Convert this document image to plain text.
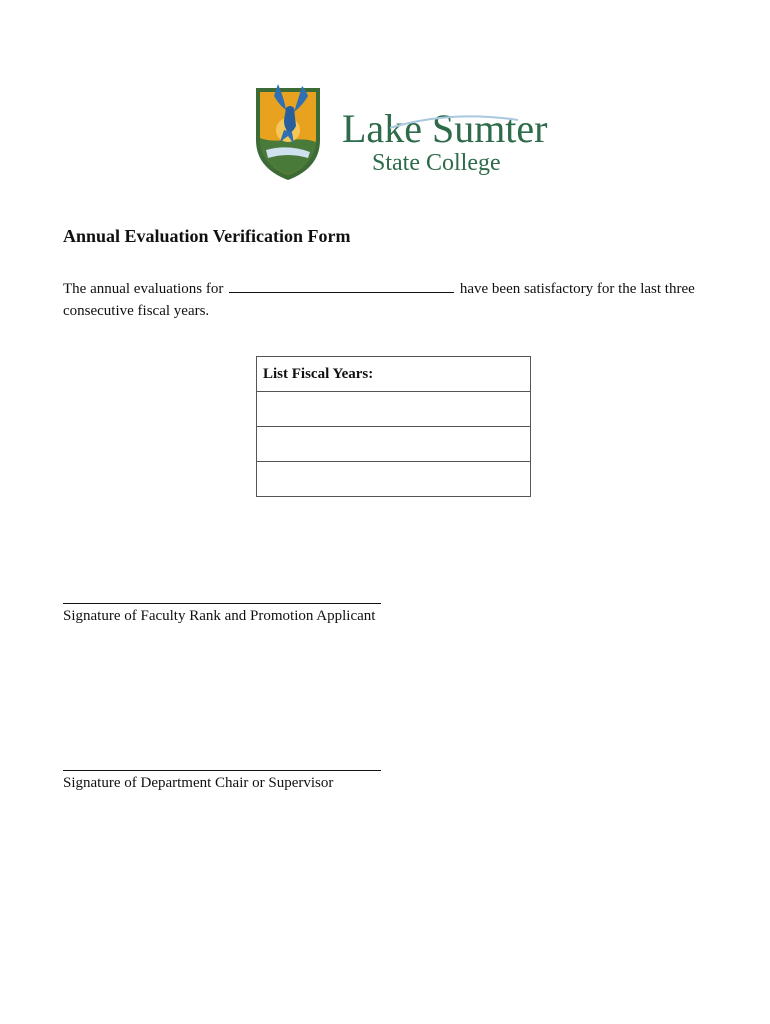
Lake Sumter
State College
Annual Evaluation Verification Form
The annual evaluations for	have been satisfactory for the last three consecutive fiscal years.
List Fiscal Years:

Signature of Faculty Rank and Promotion Applicant
Signature of Department Chair or Supervisor
